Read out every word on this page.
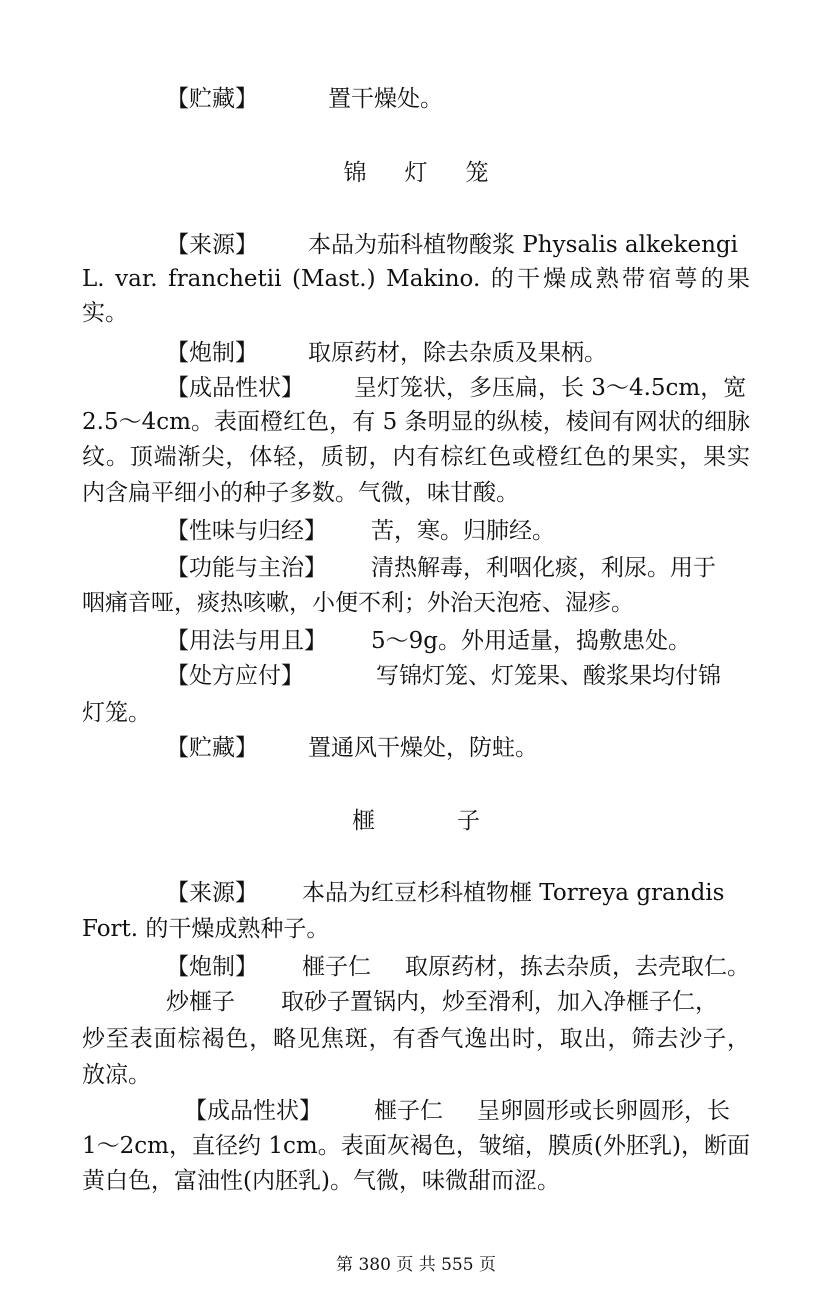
【贮藏】	置干燥处。
锦 灯 笼
【来源】 本品为茄科植物酸浆 Physalis alkekengi
L. var. franchetii (Mast.) Makino. 的干燥成熟带宿萼的果
实。
【炮制】 取原药材，除去杂质及果柄。
【成品性状】 呈灯笼状，多压扁，长 3～4.5cm，宽
2.5～4cm。表面橙红色，有 5 条明显的纵棱，棱间有网状的细脉
纹。顶端渐尖，体轻，质韧，内有棕红色或橙红色的果实，果实
内含扁平细小的种子多数。气微，味甘酸。
【性味与归经】 苦，寒。归肺经。
【功能与主治】 清热解毒，利咽化痰，利尿。用于
咽痛音哑，痰热咳嗽，小便不利；外治天泡疮、湿疹。
【用法与用且】 5～9g。外用适量，捣敷患处。
【处方应付】	写锦灯笼、灯笼果、酸浆果均付锦
灯笼。
【贮藏】 置通风干燥处，防蛀。
榧	子
【来源】 本品为红豆杉科植物榧 Torreya grandis
Fort. 的干燥成熟种子。
【炮制】 榧子仁 取原药材，拣去杂质，去壳取仁。
炒榧子 取砂子置锅内，炒至滑利，加入净榧子仁，
炒至表面棕褐色，略见焦斑，有香气逸出时，取出，筛去沙子，
放凉。
【成品性状】 榧子仁 呈卵圆形或长卵圆形，长
1～2cm，直径约 1cm。表面灰褐色，皱缩，膜质(外胚乳)，断面
黄白色，富油性(内胚乳)。气微，味微甜而涩。
第 380 页 共 555 页
